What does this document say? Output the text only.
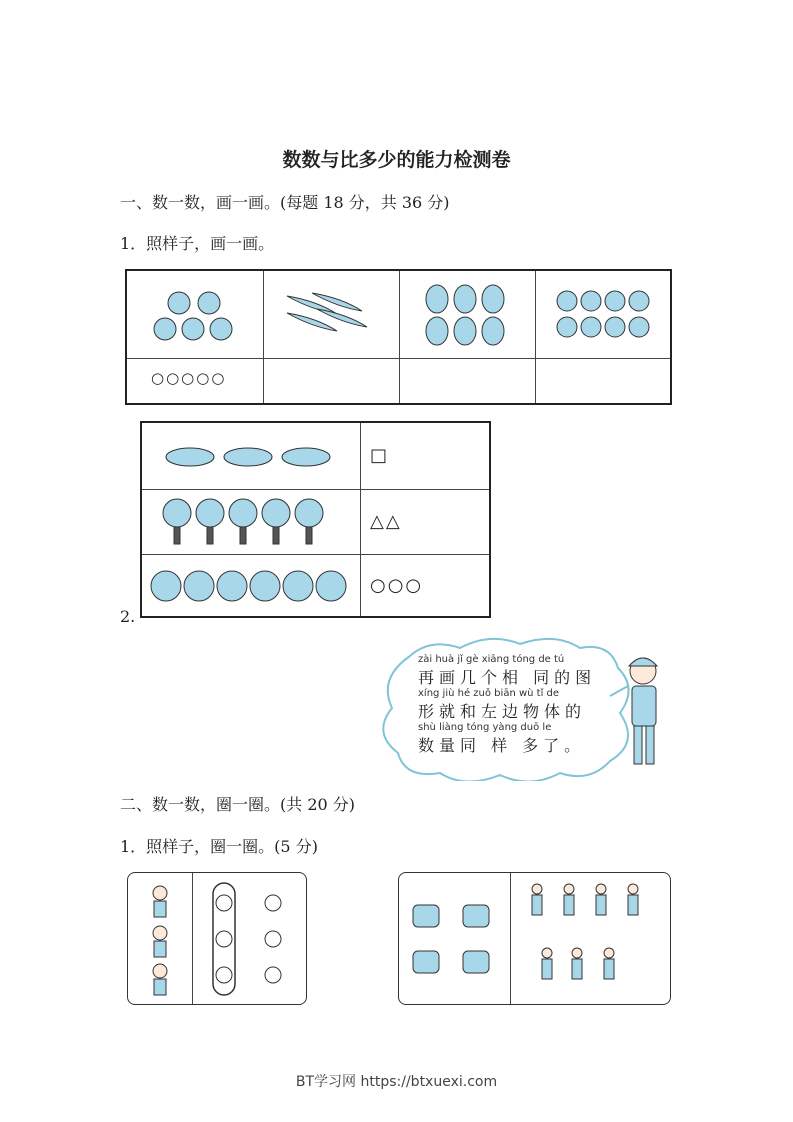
数数与比多少的能力检测卷
一、数一数，画一画。(每题 18 分，共 36 分)
1．照样子，画一画。
○○○○○
□
△△
○○○
2.
zài huà jǐ gè xiāng tóng de tú
再画几个相 同的图
xíng jiù hé zuǒ biān wù tǐ de
形就和左边物体的
shù liàng tóng yàng duō le
数量同 样 多了。
二、数一数，圈一圈。(共 20 分)
1．照样子，圈一圈。(5 分)
BT学习网 https://btxuexi.com
